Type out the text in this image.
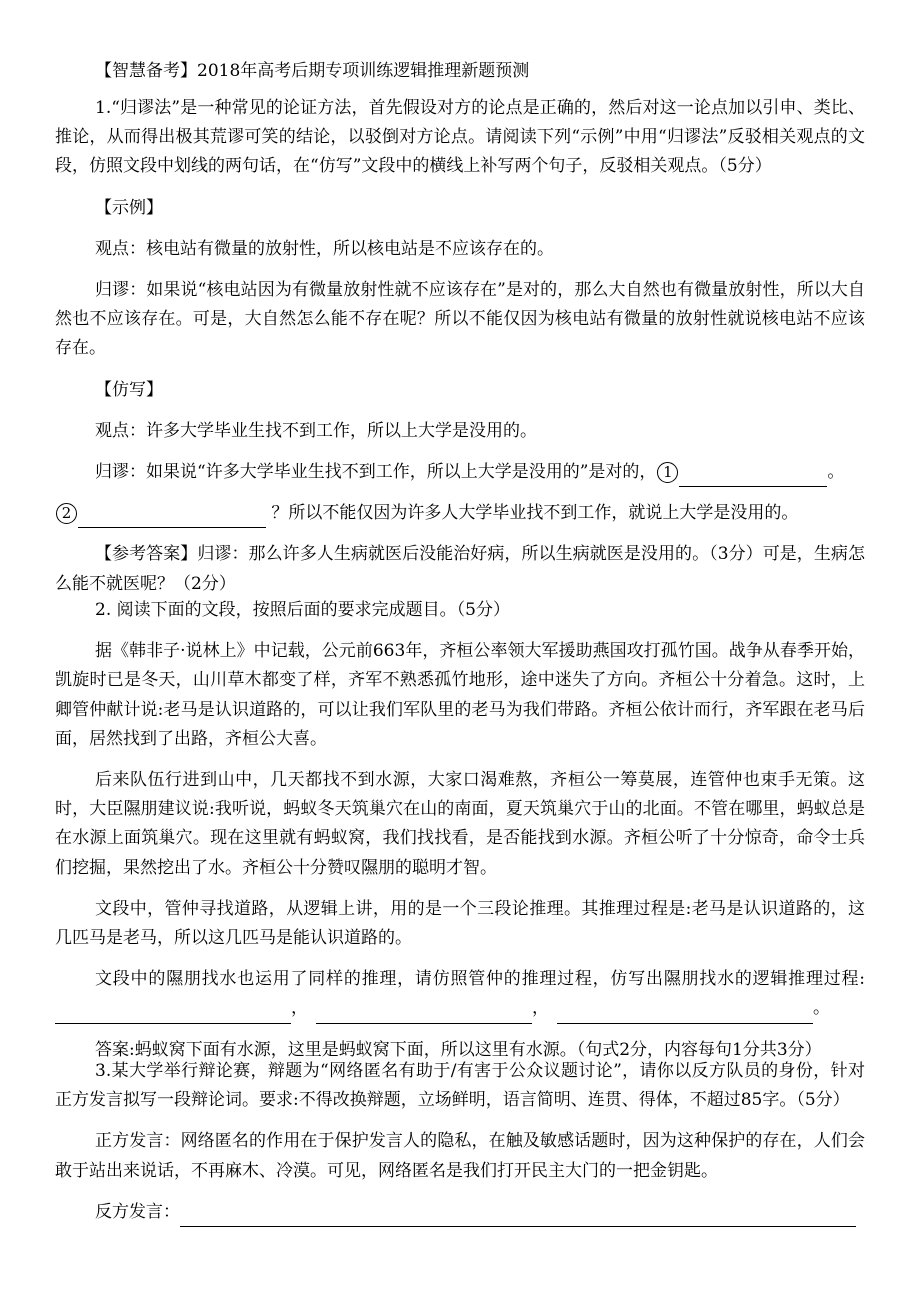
【智慧备考】2018年高考后期专项训练逻辑推理新题预测

1.“归谬法”是一种常见的论证方法，首先假设对方的论点是正确的，然后对这一论点加以引申、类比、推论，从而得出极其荒谬可笑的结论，以驳倒对方论点。请阅读下列“示例”中用“归谬法”反驳相关观点的文段，仿照文段中划线的两句话，在“仿写”文段中的横线上补写两个句子，反驳相关观点。（5分）

【示例】

观点：核电站有微量的放射性，所以核电站是不应该存在的。

归谬：如果说“核电站因为有微量放射性就不应该存在”是对的，那么大自然也有微量放射性，所以大自然也不应该存在。可是，大自然怎么能不存在呢？所以不能仅因为核电站有微量的放射性就说核电站不应该存在。

【仿写】

观点：许多大学毕业生找不到工作，所以上大学是没用的。

归谬：如果说“许多大学毕业生找不到工作，所以上大学是没用的”是对的， 1	。

2	？所以不能仅因为许多人大学毕业找不到工作，就说上大学是没用的。

【参考答案】归谬：那么许多人生病就医后没能治好病，所以生病就医是没用的。（3分）可是，生病怎么能不就医呢？（2分）

2. 阅读下面的文段，按照后面的要求完成题目。（5分）

据《韩非子·说林上》中记载，公元前663年，齐桓公率领大军援助燕国攻打孤竹国。战争从春季开始，凯旋时已是冬天，山川草木都变了样，齐军不熟悉孤竹地形，途中迷失了方向。齐桓公十分着急。这时，上卿管仲献计说:老马是认识道路的，可以让我们军队里的老马为我们带路。齐桓公依计而行，齐军跟在老马后面，居然找到了出路，齐桓公大喜。

后来队伍行进到山中，几天都找不到水源，大家口渴难熬，齐桓公一筹莫展，连管仲也束手无策。这时，大臣隰朋建议说:我听说，蚂蚁冬天筑巢穴在山的南面，夏天筑巢穴于山的北面。不管在哪里，蚂蚁总是在水源上面筑巢穴。现在这里就有蚂蚁窝，我们找找看，是否能找到水源。齐桓公听了十分惊奇，命令士兵们挖掘，果然挖出了水。齐桓公十分赞叹隰朋的聪明才智。

文段中，管仲寻找道路，从逻辑上讲，用的是一个三段论推理。其推理过程是:老马是认识道路的，这几匹马是老马，所以这几匹马是能认识道路的。

文段中的隰朋找水也运用了同样的推理，请仿照管仲的推理过程，仿写出隰朋找水的逻辑推理过程:，	，	。

答案:蚂蚁窝下面有水源，这里是蚂蚁窝下面，所以这里有水源。（句式2分，内容每句1分共3分）

3.某大学举行辩论赛，辩题为“网络匿名有助于/有害于公众议题讨论”，请你以反方队员的身份，针对正方发言拟写一段辩论词。要求:不得改换辩题，立场鲜明，语言简明、连贯、得体，不超过85字。（5分）

正方发言：网络匿名的作用在于保护发言人的隐私，在触及敏感话题时，因为这种保护的存在，人们会敢于站出来说话，不再麻木、冷漠。可见，网络匿名是我们打开民主大门的一把金钥匙。

反方发言：
